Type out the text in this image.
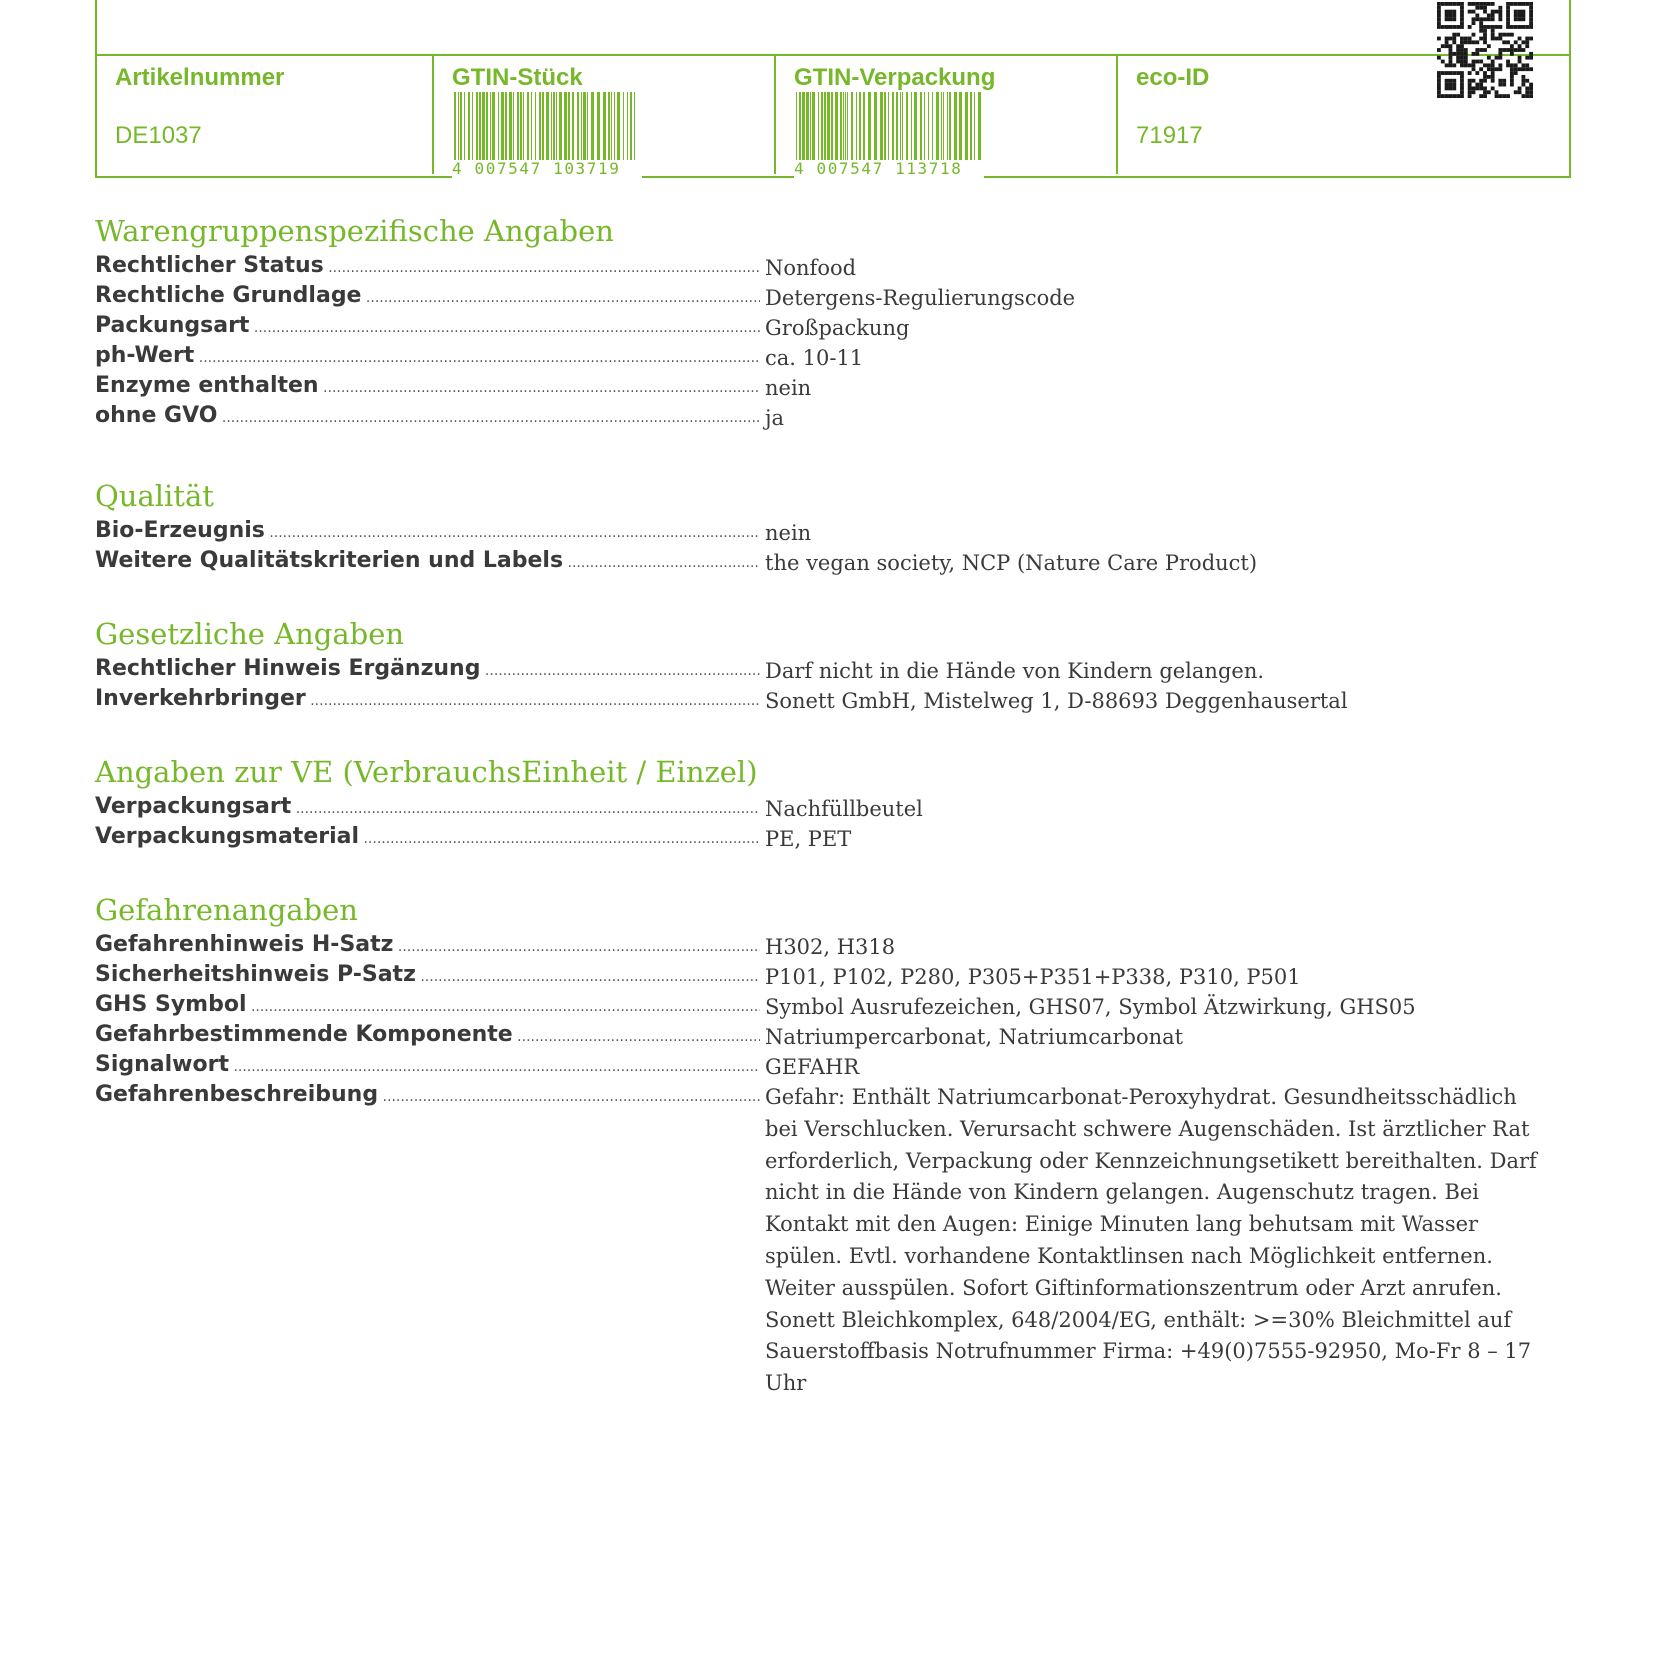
Artikelnummer
DE1037
GTIN-Stück
4 007547 103719
GTIN-Verpackung
4 007547 113718
eco-ID
71917
Warengruppenspezifische Angaben
Rechtlicher Status .....	Nonfood
Rechtliche Grundlage .....	Detergens-Regulierungscode
Packungsart .....	Großpackung
ph-Wert .....	ca. 10-11
Enzyme enthalten .....	nein
ohne GVO .....	ja
Qualität
Bio-Erzeugnis .....	nein
Weitere Qualitätskriterien und Labels .....	the vegan society, NCP (Nature Care Product)
Gesetzliche Angaben
Rechtlicher Hinweis Ergänzung .....	Darf nicht in die Hände von Kindern gelangen.
Inverkehrbringer .....	Sonett GmbH, Mistelweg 1, D-88693 Deggenhausertal
Angaben zur VE (VerbrauchsEinheit / Einzel)
Verpackungsart .....	Nachfüllbeutel
Verpackungsmaterial .....	PE, PET
Gefahrenangaben
Gefahrenhinweis H-Satz .....	H302, H318
Sicherheitshinweis P-Satz .....	P101, P102, P280, P305+P351+P338, P310, P501
GHS Symbol .....	Symbol Ausrufezeichen, GHS07, Symbol Ätzwirkung, GHS05
Gefahrbestimmende Komponente .....	Natriumpercarbonat, Natriumcarbonat
Signalwort .....	GEFAHR
Gefahrenbeschreibung .....	Gefahr: Enthält Natriumcarbonat-Peroxyhydrat. Gesundheitsschädlich bei Verschlucken. Verursacht schwere Augenschäden. Ist ärztlicher Rat erforderlich, Verpackung oder Kennzeichnungsetikett bereithalten. Darf nicht in die Hände von Kindern gelangen. Augenschutz tragen. Bei Kontakt mit den Augen: Einige Minuten lang behutsam mit Wasser spülen. Evtl. vorhandene Kontaktlinsen nach Möglichkeit entfernen. Weiter ausspülen. Sofort Giftinformationszentrum oder Arzt anrufen. Sonett Bleichkomplex, 648/2004/EG, enthält: >=30% Bleichmittel auf Sauerstoffbasis Notrufnummer Firma: +49(0)7555-92950, Mo-Fr 8 – 17 Uhr
